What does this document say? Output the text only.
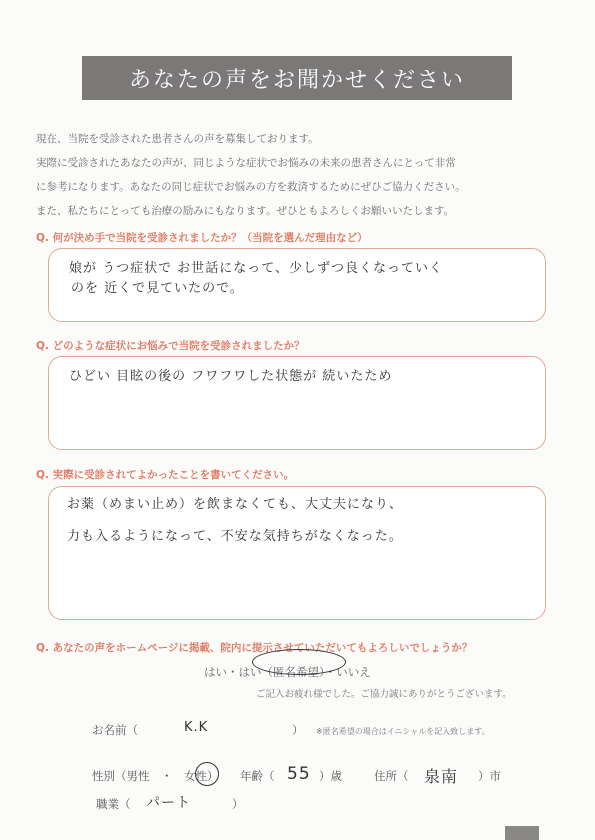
あなたの声をお聞かせください
現在、当院を受診された患者さんの声を募集しております。
実際に受診されたあなたの声が、同じような症状でお悩みの未来の患者さんにとって非常
に参考になります。あなたの同じ症状でお悩みの方を救済するためにぜひご協力ください。
また、私たちにとっても治療の励みにもなります。ぜひともよろしくお願いいたします。
Q. 何が決め手で当院を受診されましたか？（当院を選んだ理由など）
娘が うつ症状で お世話になって、少しずつ良くなっていく
のを 近くで見ていたので。
Q. どのような症状にお悩みで当院を受診されましたか？
ひどい 目眩の後の フワフワした状態が 続いたため
Q. 実際に受診されてよかったことを書いてください。
お薬（めまい止め）を飲まなくても、大丈夫になり、
力も入るようになって、不安な気持ちがなくなった。
Q. あなたの声をホームページに掲載、院内に提示させていただいてもよろしいでしょうか？
はい・はい（匿名希望）・いいえ
ご記入お疲れ様でした。ご協力誠にありがとうございます。
お名前（	K.K	） ※匿名希望の場合はイニシャルを記入致します。
性別（男性　・　女性） 年齢（ 55 ）歳	住所（ 泉南 ）市
職業（ パート	）
